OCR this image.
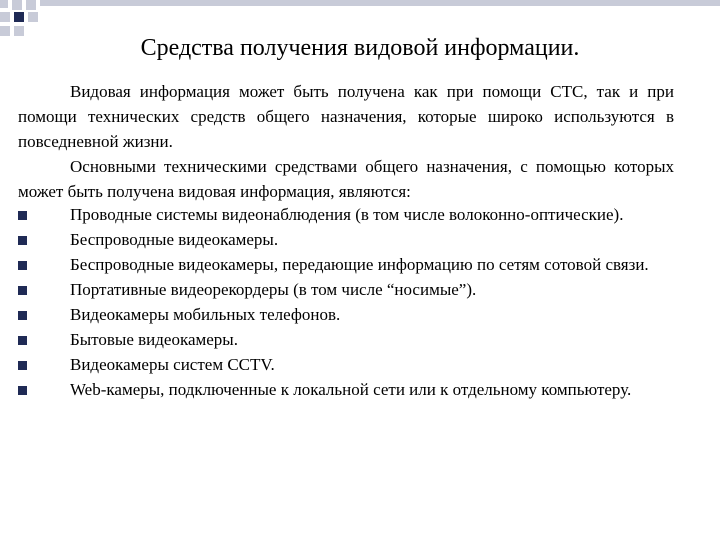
Средства получения видовой информации.

Видовая информация может быть получена как при помощи СТС, так и при помощи технических средств общего назначения, которые широко используются в повседневной жизни.

Основными техническими средствами общего назначения, с помощью которых может быть получена видовая информация, являются:

Проводные системы видеонаблюдения (в том числе волоконно-оптические).
Беспроводные видеокамеры.
Беспроводные видеокамеры, передающие информацию по сетям сотовой связи.
Портативные видеорекордеры (в том числе “носимые”).
Видеокамеры мобильных телефонов.
Бытовые видеокамеры.
Видеокамеры систем CCTV.
Web-камеры, подключенные к локальной сети или к отдельному компьютеру.
